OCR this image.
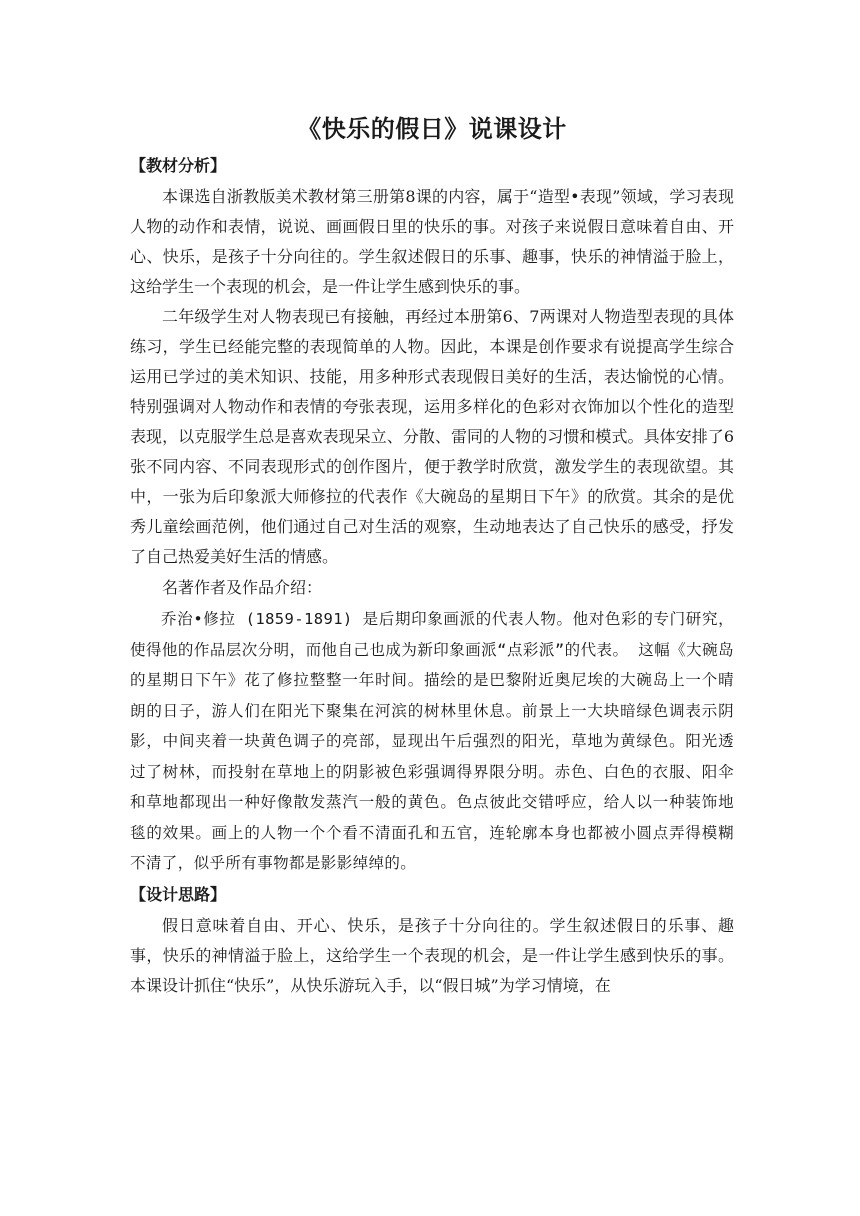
《快乐的假日》说课设计
【教材分析】

本课选自浙教版美术教材第三册第8课的内容，属于“造型•表现”领域，学习表现人物的动作和表情，说说、画画假日里的快乐的事。对孩子来说假日意味着自由、开心、快乐，是孩子十分向往的。学生叙述假日的乐事、趣事，快乐的神情溢于脸上，这给学生一个表现的机会，是一件让学生感到快乐的事。

二年级学生对人物表现已有接触，再经过本册第6、7两课对人物造型表现的具体练习，学生已经能完整的表现简单的人物。因此，本课是创作要求有说提高学生综合运用已学过的美术知识、技能，用多种形式表现假日美好的生活，表达愉悦的心情。特别强调对人物动作和表情的夸张表现，运用多样化的色彩对衣饰加以个性化的造型表现，以克服学生总是喜欢表现呆立、分散、雷同的人物的习惯和模式。具体安排了6张不同内容、不同表现形式的创作图片，便于教学时欣赏，激发学生的表现欲望。其中，一张为后印象派大师修拉的代表作《大碗岛的星期日下午》的欣赏。其余的是优秀儿童绘画范例，他们通过自己对生活的观察，生动地表达了自己快乐的感受，抒发了自己热爱美好生活的情感。

名著作者及作品介绍：

乔治•修拉 (1859-1891) 是后期印象画派的代表人物。他对色彩的专门研究，使得他的作品层次分明，而他自己也成为新印象画派“点彩派”的代表。 这幅《大碗岛的星期日下午》花了修拉整整一年时间。描绘的是巴黎附近奥尼埃的大碗岛上一个晴朗的日子，游人们在阳光下聚集在河滨的树林里休息。前景上一大块暗绿色调表示阴影，中间夹着一块黄色调子的亮部，显现出午后强烈的阳光，草地为黄绿色。阳光透过了树林，而投射在草地上的阴影被色彩强调得界限分明。赤色、白色的衣服、阳伞和草地都现出一种好像散发蒸汽一般的黄色。色点彼此交错呼应，给人以一种装饰地毯的效果。画上的人物一个个看不清面孔和五官，连轮廓本身也都被小圆点弄得模糊不清了，似乎所有事物都是影影绰绰的。

【设计思路】

假日意味着自由、开心、快乐，是孩子十分向往的。学生叙述假日的乐事、趣事，快乐的神情溢于脸上，这给学生一个表现的机会，是一件让学生感到快乐的事。本课设计抓住“快乐”，从快乐游玩入手，以“假日城”为学习情境，在
